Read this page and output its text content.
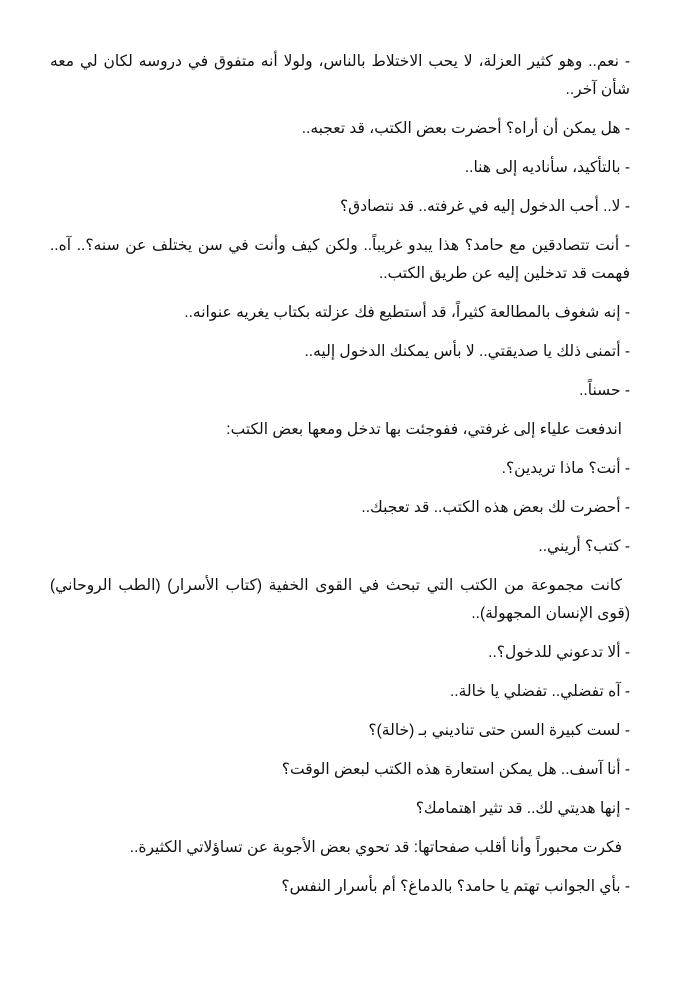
- نعم.. وهو كثير العزلة، لا يحب الاختلاط بالناس، ولولا أنه متفوق في دروسه لكان لي معه شأن آخر..

- هل يمكن أن أراه؟ أحضرت بعض الكتب، قد تعجبه..

- بالتأكيد، سأناديه إلى هنا..

- لا.. أحب الدخول إليه في غرفته.. قد نتصادق؟

- أنت تتصادقين مع حامد؟ هذا يبدو غريباً.. ولكن كيف وأنت في سن يختلف عن سنه؟.. آه.. فهمت قد تدخلين إليه عن طريق الكتب..

- إنه شغوف بالمطالعة كثيراً، قد أستطيع فك عزلته بكتاب يغريه عنوانه..

- أتمنى ذلك يا صديقتي.. لا بأس يمكنك الدخول إليه..

- حسناً..

اندفعت علياء إلى غرفتي، ففوجئت بها تدخل ومعها بعض الكتب:

- أنت؟ ماذا تريدين؟.

- أحضرت لك بعض هذه الكتب.. قد تعجبك..

- كتب؟ أريني..

كانت مجموعة من الكتب التي تبحث في القوى الخفية (كتاب الأسرار) (الطب الروحاني) (قوى الإنسان المجهولة)..

- ألا تدعوني للدخول؟..

- آه تفضلي.. تفضلي يا خالة..

- لست كبيرة السن حتى تناديني بـ (خالة)؟

- أنا آسف.. هل يمكن استعارة هذه الكتب لبعض الوقت؟

- إنها هديتي لك.. قد تثير اهتمامك؟

فكرت محبوراً وأنا أقلب صفحاتها: قد تحوي بعض الأجوبة عن تساؤلاتي الكثيرة..

- بأي الجوانب تهتم يا حامد؟ بالدماغ؟ أم بأسرار النفس؟
